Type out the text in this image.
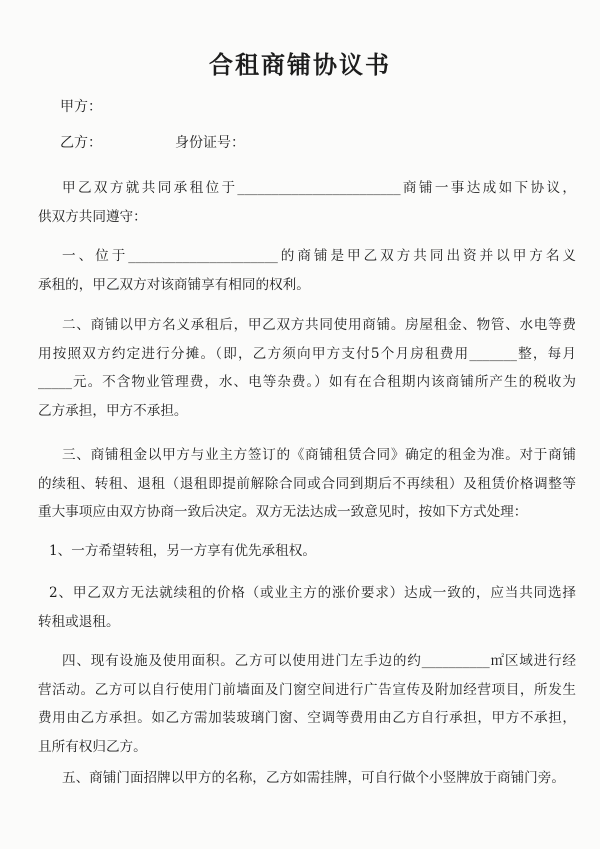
合租商铺协议书
甲方：
乙方：	身份证号：
甲乙双方就共同承租位于________________________商铺一事达成如下协议，
供双方共同遵守：
一、位于______________________的商铺是甲乙双方共同出资并以甲方名义
承租的，甲乙双方对该商铺享有相同的权利。
二、商铺以甲方名义承租后，甲乙双方共同使用商铺。房屋租金、物管、水电等费
用按照双方约定进行分摊。（即，乙方须向甲方支付5个月房租费用_______整，每月
_____元。不含物业管理费，水、电等杂费。）如有在合租期内该商铺所产生的税收为
乙方承担，甲方不承担。
三、商铺租金以甲方与业主方签订的《商铺租赁合同》确定的租金为准。对于商铺
的续租、转租、退租（退租即提前解除合同或合同到期后不再续租）及租赁价格调整等
重大事项应由双方协商一致后决定。双方无法达成一致意见时，按如下方式处理：
1、一方希望转租，另一方享有优先承租权。
2、甲乙双方无法就续租的价格（或业主方的涨价要求）达成一致的，应当共同选择
转租或退租。
四、现有设施及使用面积。乙方可以使用进门左手边的约__________㎡区域进行经
营活动。乙方可以自行使用门前墙面及门窗空间进行广告宣传及附加经营项目，所发生
费用由乙方承担。如乙方需加装玻璃门窗、空调等费用由乙方自行承担，甲方不承担，
且所有权归乙方。
五、商铺门面招牌以甲方的名称，乙方如需挂牌，可自行做个小竖牌放于商铺门旁。
